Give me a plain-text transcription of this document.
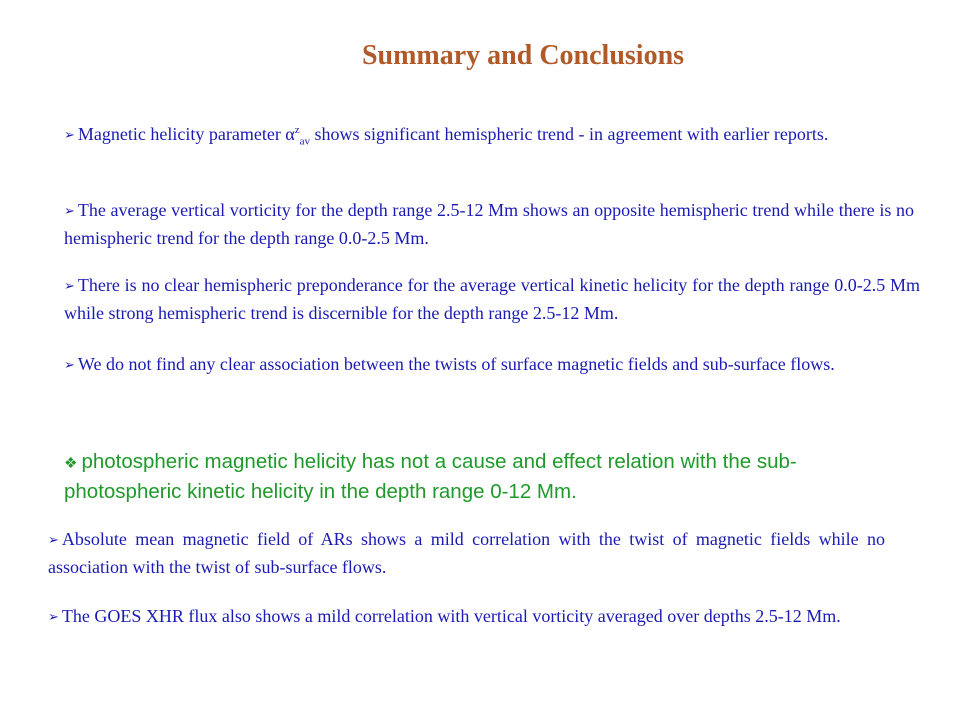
Summary and Conclusions
➢ Magnetic helicity parameter $\alpha^z_{av}$ shows significant hemispheric trend - in agreement with earlier reports.
➢ The average vertical vorticity for the depth range 2.5-12 Mm shows an opposite hemispheric trend while there is no hemispheric trend for the depth range 0.0-2.5 Mm.
➢ There is no clear hemispheric preponderance for the average vertical kinetic helicity for the depth range 0.0-2.5 Mm while strong hemispheric trend is discernible for the depth range 2.5-12 Mm.
➢ We do not find any clear association between the twists of surface magnetic fields and sub-surface flows.
❖ photospheric magnetic helicity has not a cause and effect relation with the sub-photospheric kinetic helicity in the depth range 0-12 Mm.
➢ Absolute mean magnetic field of ARs shows a mild correlation with the twist of magnetic fields while no association with the twist of sub-surface flows.
➢ The GOES XHR flux also shows a mild correlation with vertical vorticity averaged over depths 2.5-12 Mm.
